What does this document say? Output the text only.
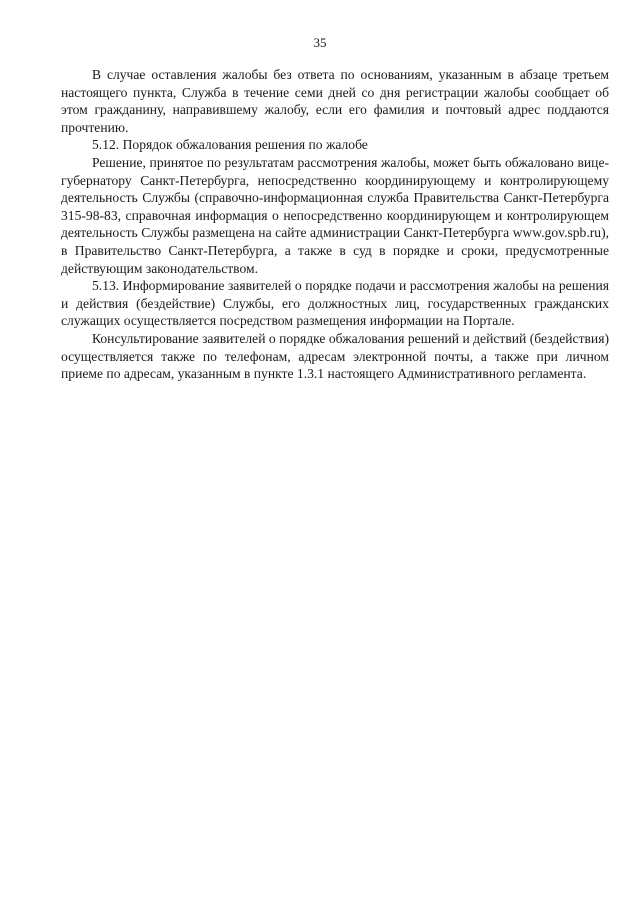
35

В случае оставления жалобы без ответа по основаниям, указанным в абзаце третьем настоящего пункта, Служба в течение семи дней со дня регистрации жалобы сообщает об этом гражданину, направившему жалобу, если его фамилия и почтовый адрес поддаются прочтению.

5.12. Порядок обжалования решения по жалобе

Решение, принятое по результатам рассмотрения жалобы, может быть обжаловано вице-губернатору Санкт-Петербурга, непосредственно координирующему и контролирующему деятельность Службы (справочно-информационная служба Правительства Санкт-Петербурга 315-98-83, справочная информация о непосредственно координирующем и контролирующем деятельность Службы размещена на сайте администрации Санкт-Петербурга www.gov.spb.ru), в Правительство Санкт-Петербурга, а также в суд в порядке и сроки, предусмотренные действующим законодательством.

5.13. Информирование заявителей о порядке подачи и рассмотрения жалобы на решения и действия (бездействие) Службы, его должностных лиц, государственных гражданских служащих осуществляется посредством размещения информации на Портале.

Консультирование заявителей о порядке обжалования решений и действий (бездействия) осуществляется также по телефонам, адресам электронной почты, а также при личном приеме по адресам, указанным в пункте 1.3.1 настоящего Административного регламента.
